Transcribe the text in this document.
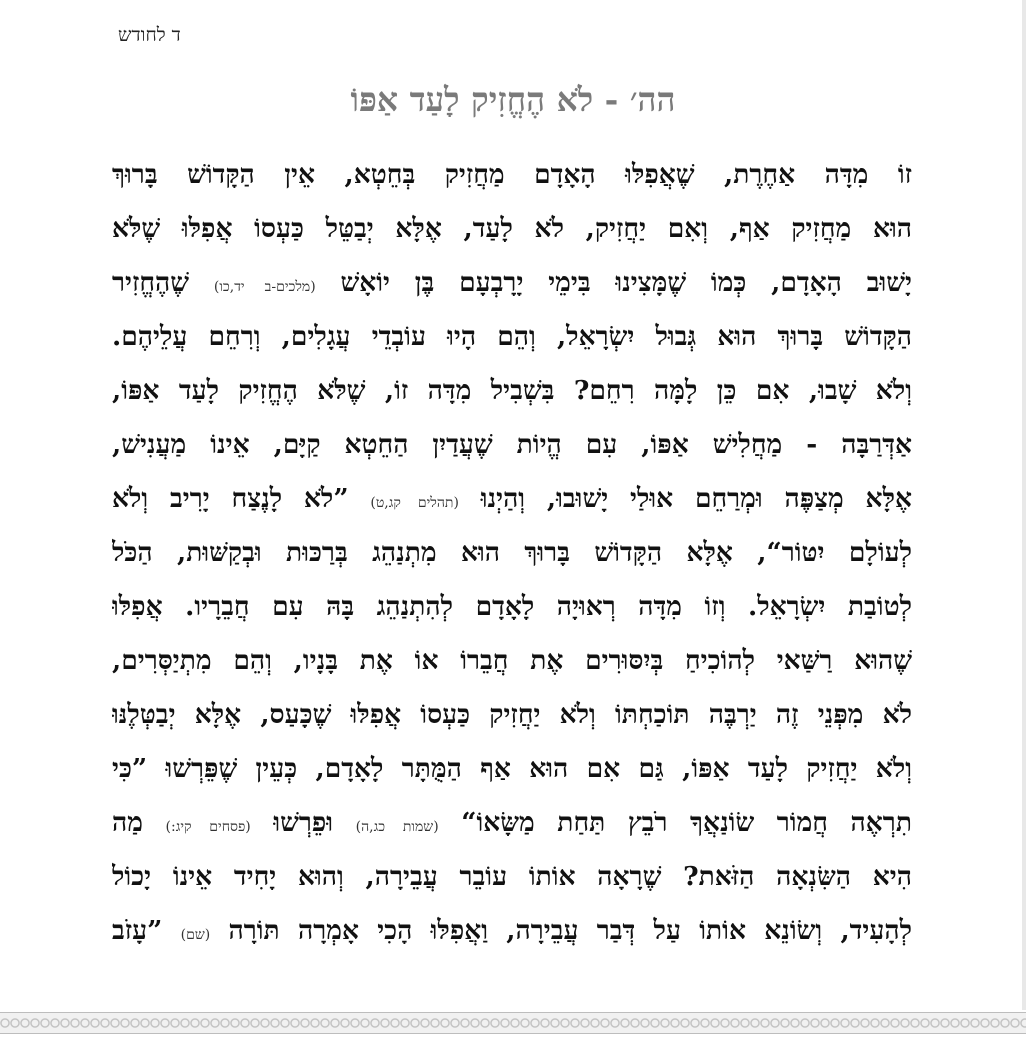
ד לחודש
הה׳ - לֹא הֶחֱזִיק לָעַד אַפּוֹ
זוֹ מִדָּה אַחֶרֶת, שֶׁאֲפִלּוּ הָאָדָם מַחֲזִיק בְּחֵטְא, אֵין הַקָּדוֹשׁ בָּרוּךְ
הוּא מַחֲזִיק אַף, וְאִם יַחֲזִיק, לֹא לָעַד, אֶלָּא יְבַטֵּל כַּעְסוֹ אֲפִלּוּ שֶׁלֹּא
יָשׁוּב הָאָדָם, כְּמוֹ שֶׁמָּצִינוּ בִּימֵי יָרָבְעָם בֶּן יוֹאָשׁ (מלכים-ב יד,כו) שֶׁהֶחֱזִיר
הַקָּדוֹשׁ בָּרוּךְ הוּא גְּבוּל יִשְׂרָאֵל, וְהֵם הָיוּ עוֹבְדֵי עֲגָלִים, וְרִחֵם עֲלֵיהֶם.
וְלֹא שָׁבוּ, אִם כֵּן לָמָּה רִחֵם? בִּשְׁבִיל מִדָּה זוֹ, שֶׁלֹּא הֶחֱזִיק לָעַד אַפּוֹ,
אַדְּרַבָּה - מַחֲלִישׁ אַפּוֹ, עִם הֱיוֹת שֶׁעֲדַיִן הַחֵטְא קַיָּם, אֵינוֹ מַעֲנִישׁ,
אֶלָּא מְצַפֶּה וּמְרַחֵם אוּלַי יָשׁוּבוּ, וְהַיְנוּ (תהלים קג,ט) ”לֹא לָנֶצַח יָרִיב וְלֹא
לְעוֹלָם יִטּוֹר“, אֶלָּא הַקָּדוֹשׁ בָּרוּךְ הוּא מִתְנַהֵג בְּרַכּוּת וּבְקַשּׁוּת, הַכֹּל
לְטוֹבַת יִשְׂרָאֵל. וְזוֹ מִדָּה רְאוּיָה לָאָדָם לְהִתְנַהֵג בָּהּ עִם חֲבֵרָיו. אֲפִלּוּ
שֶׁהוּא רַשַּׁאי לְהוֹכִיחַ בְּיִסּוּרִים אֶת חֲבֵרוֹ אוֹ אֶת בָּנָיו, וְהֵם מִתְיַסְּרִים,
לֹא מִפְּנֵי זֶה יַרְבֶּה תּוֹכַחְתּוֹ וְלֹא יַחֲזִיק כַּעְסוֹ אֲפִלּוּ שֶׁכָּעַס, אֶלָּא יְבַטְּלֶנּוּ
וְלֹא יַחֲזִיק לָעַד אַפּוֹ, גַּם אִם הוּא אַף הַמֻּתָּר לָאָדָם, כְּעֵין שֶׁפֵּרְשׁוּ ”כִּי
תִרְאֶה חֲמוֹר שׂוֹנַאֲךָ רֹבֵץ תַּחַת מַשָּׂאוֹ“ (שמות כג,ה) וּפֵרְשׁוּ (פסחים קיג:) מַה
הִיא הַשִּׂנְאָה הַזֹּאת? שֶׁרָאָה אוֹתוֹ עוֹבֵר עֲבֵירָה, וְהוּא יָחִיד אֵינוֹ יָכוֹל
לְהָעִיד, וְשׂוֹנֵא אוֹתוֹ עַל דְּבַר עֲבֵירָה, וַאֲפִלּוּ הָכִי אָמְרָה תּוֹרָה (שם) ”עָזֹב
